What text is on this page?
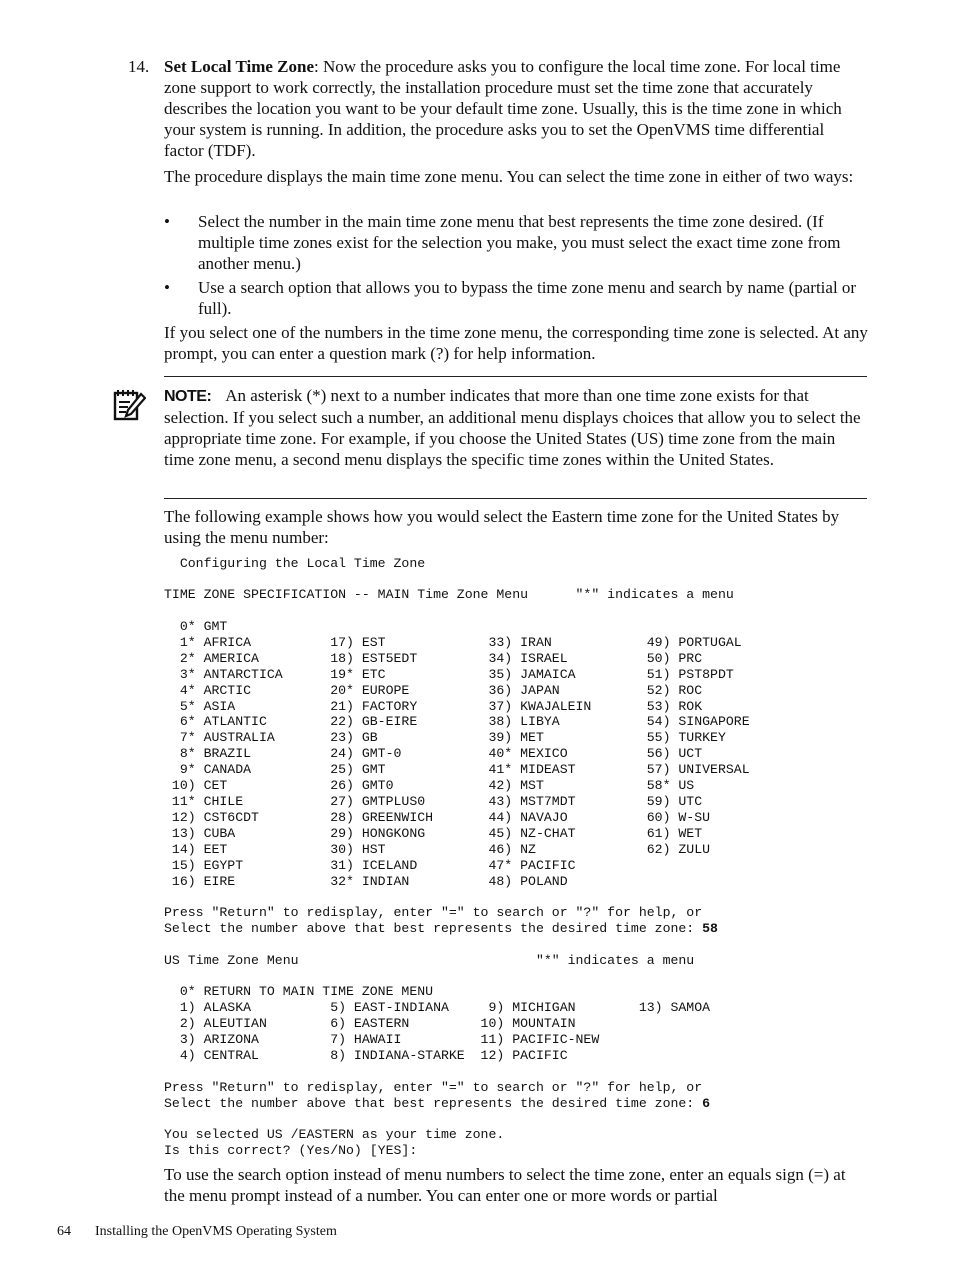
14. Set Local Time Zone: Now the procedure asks you to configure the local time zone. For local time zone support to work correctly, the installation procedure must set the time zone that accurately describes the location you want to be your default time zone. Usually, this is the time zone in which your system is running. In addition, the procedure asks you to set the OpenVMS time differential factor (TDF).

The procedure displays the main time zone menu. You can select the time zone in either of two ways:
• Select the number in the main time zone menu that best represents the time zone desired. (If multiple time zones exist for the selection you make, you must select the exact time zone from another menu.)
• Use a search option that allows you to bypass the time zone menu and search by name (partial or full).
If you select one of the numbers in the time zone menu, the corresponding time zone is selected. At any prompt, you can enter a question mark (?) for help information.

NOTE: An asterisk (*) next to a number indicates that more than one time zone exists for that selection. If you select such a number, an additional menu displays choices that allow you to select the appropriate time zone. For example, if you choose the United States (US) time zone from the main time zone menu, a second menu displays the specific time zones within the United States.

The following example shows how you would select the Eastern time zone for the United States by using the menu number:
Configuring the Local Time Zone
TIME ZONE SPECIFICATION -- MAIN Time Zone Menu      "*" indicates a menu
0* GMT
1* AFRICA          17) EST             33) IRAN            49) PORTUGAL
2* AMERICA         18) EST5EDT         34) ISRAEL          50) PRC
3* ANTARCTICA      19* ETC             35) JAMAICA         51) PST8PDT
4* ARCTIC          20* EUROPE          36) JAPAN           52) ROC
5* ASIA            21) FACTORY         37) KWAJALEIN       53) ROK
6* ATLANTIC        22) GB-EIRE         38) LIBYA           54) SINGAPORE
7* AUSTRALIA       23) GB              39) MET             55) TURKEY
8* BRAZIL          24) GMT-0           40* MEXICO          56) UCT
9* CANADA          25) GMT             41* MIDEAST         57) UNIVERSAL
10) CET             26) GMT0            42) MST             58* US
11* CHILE           27) GMTPLUS0        43) MST7MDT         59) UTC
12) CST6CDT         28) GREENWICH       44) NAVAJO          60) W-SU
13) CUBA            29) HONGKONG        45) NZ-CHAT         61) WET
14) EET             30) HST             46) NZ              62) ZULU
15) EGYPT           31) ICELAND         47* PACIFIC
16) EIRE            32* INDIAN          48) POLAND
Press "Return" to redisplay, enter "=" to search or "?" for help, or
Select the number above that best represents the desired time zone: 58
US Time Zone Menu                              "*" indicates a menu
0* RETURN TO MAIN TIME ZONE MENU
1) ALASKA          5) EAST-INDIANA     9) MICHIGAN        13) SAMOA
2) ALEUTIAN        6) EASTERN         10) MOUNTAIN
3) ARIZONA         7) HAWAII          11) PACIFIC-NEW
4) CENTRAL         8) INDIANA-STARKE  12) PACIFIC
Press "Return" to redisplay, enter "=" to search or "?" for help, or
Select the number above that best represents the desired time zone: 6
You selected US /EASTERN as your time zone.
Is this correct? (Yes/No) [YES]:
To use the search option instead of menu numbers to select the time zone, enter an equals sign (=) at the menu prompt instead of a number. You can enter one or more words or partial
64 Installing the OpenVMS Operating System
